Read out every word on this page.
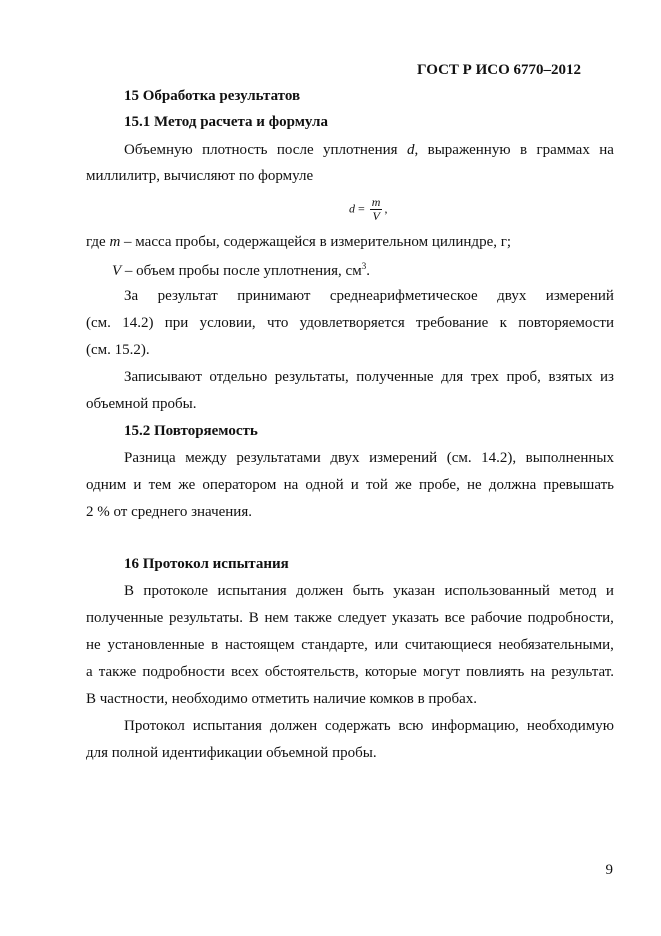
ГОСТ Р ИСО 6770–2012
15 Обработка результатов
15.1 Метод расчета и формула
Объемную плотность после уплотнения d, выраженную в граммах на
миллилитр, вычисляют по формуле
$d = \frac{m}{V}$ ,
где m – масса пробы, содержащейся в измерительном цилиндре, г;
V – объем пробы после уплотнения, $см^3$.
За результат принимают среднеарифметическое двух измерений
(см. 14.2) при условии, что удовлетворяется требование к повторяемости
(см. 15.2).
Записывают отдельно результаты, полученные для трех проб, взятых из
объемной пробы.
15.2 Повторяемость
Разница между результатами двух измерений (см. 14.2), выполненных
одним и тем же оператором на одной и той же пробе, не должна превышать
2 % от среднего значения.
16 Протокол испытания
В протоколе испытания должен быть указан использованный метод и
полученные результаты. В нем также следует указать все рабочие подробности,
не установленные в настоящем стандарте, или считающиеся необязательными,
а также подробности всех обстоятельств, которые могут повлиять на результат.
В частности, необходимо отметить наличие комков в пробах.
Протокол испытания должен содержать всю информацию, необходимую
для полной идентификации объемной пробы.
9
